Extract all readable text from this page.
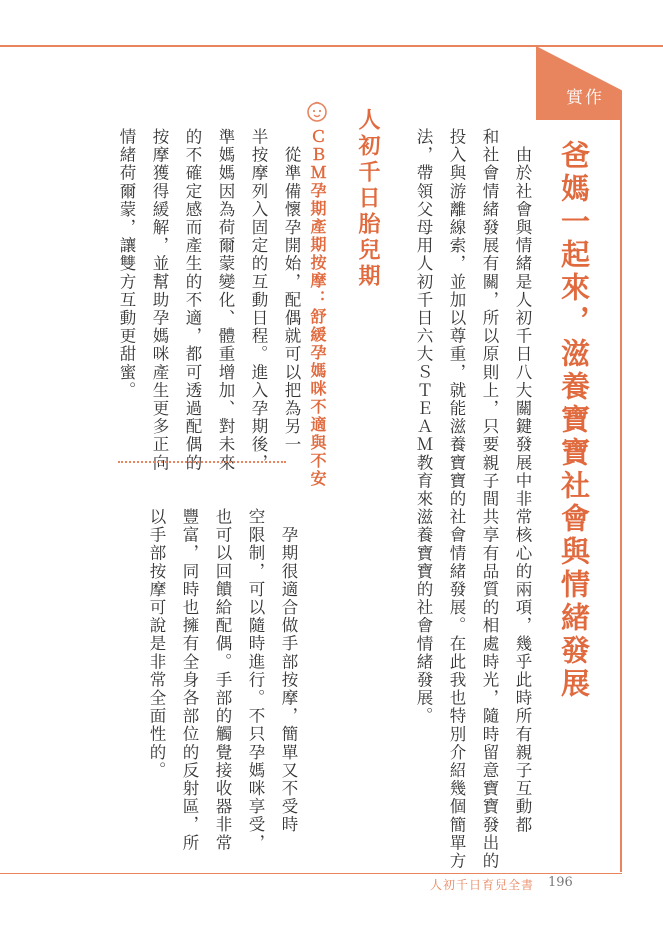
實作
爸媽一起來，滋養寶寶社會與情緒發展
　由於社會與情緒是人初千日八大關鍵發展中非常核心的兩項，幾乎此時所有親子互動都
和社會情緒發展有關，所以原則上，只要親子間共享有品質的相處時光，隨時留意寶寶發出的
投入與游離線索，並加以尊重，就能滋養寶寶的社會情緒發展。在此我也特別介紹幾個簡單方
法，帶領父母用人初千日六大ＳＴＥＡＭ教育來滋養寶寶的社會情緒發展。
人初千日胎兒期
ＣＢＭ孕期產期按摩：舒緩孕媽咪不適與不安
　從準備懷孕開始，配偶就可以把為另一
半按摩列入固定的互動日程。進入孕期後，
準媽媽因為荷爾蒙變化、體重增加、對未來
的不確定感而產生的不適，都可透過配偶的
按摩獲得緩解，並幫助孕媽咪產生更多正向
情緒荷爾蒙，讓雙方互動更甜蜜。
　孕期很適合做手部按摩，簡單又不受時
空限制，可以隨時進行。不只孕媽咪享受，
也可以回饋給配偶。手部的觸覺接收器非常
豐富，同時也擁有全身各部位的反射區，所
以手部按摩可說是非常全面性的。
人初千日育兒全書 196
